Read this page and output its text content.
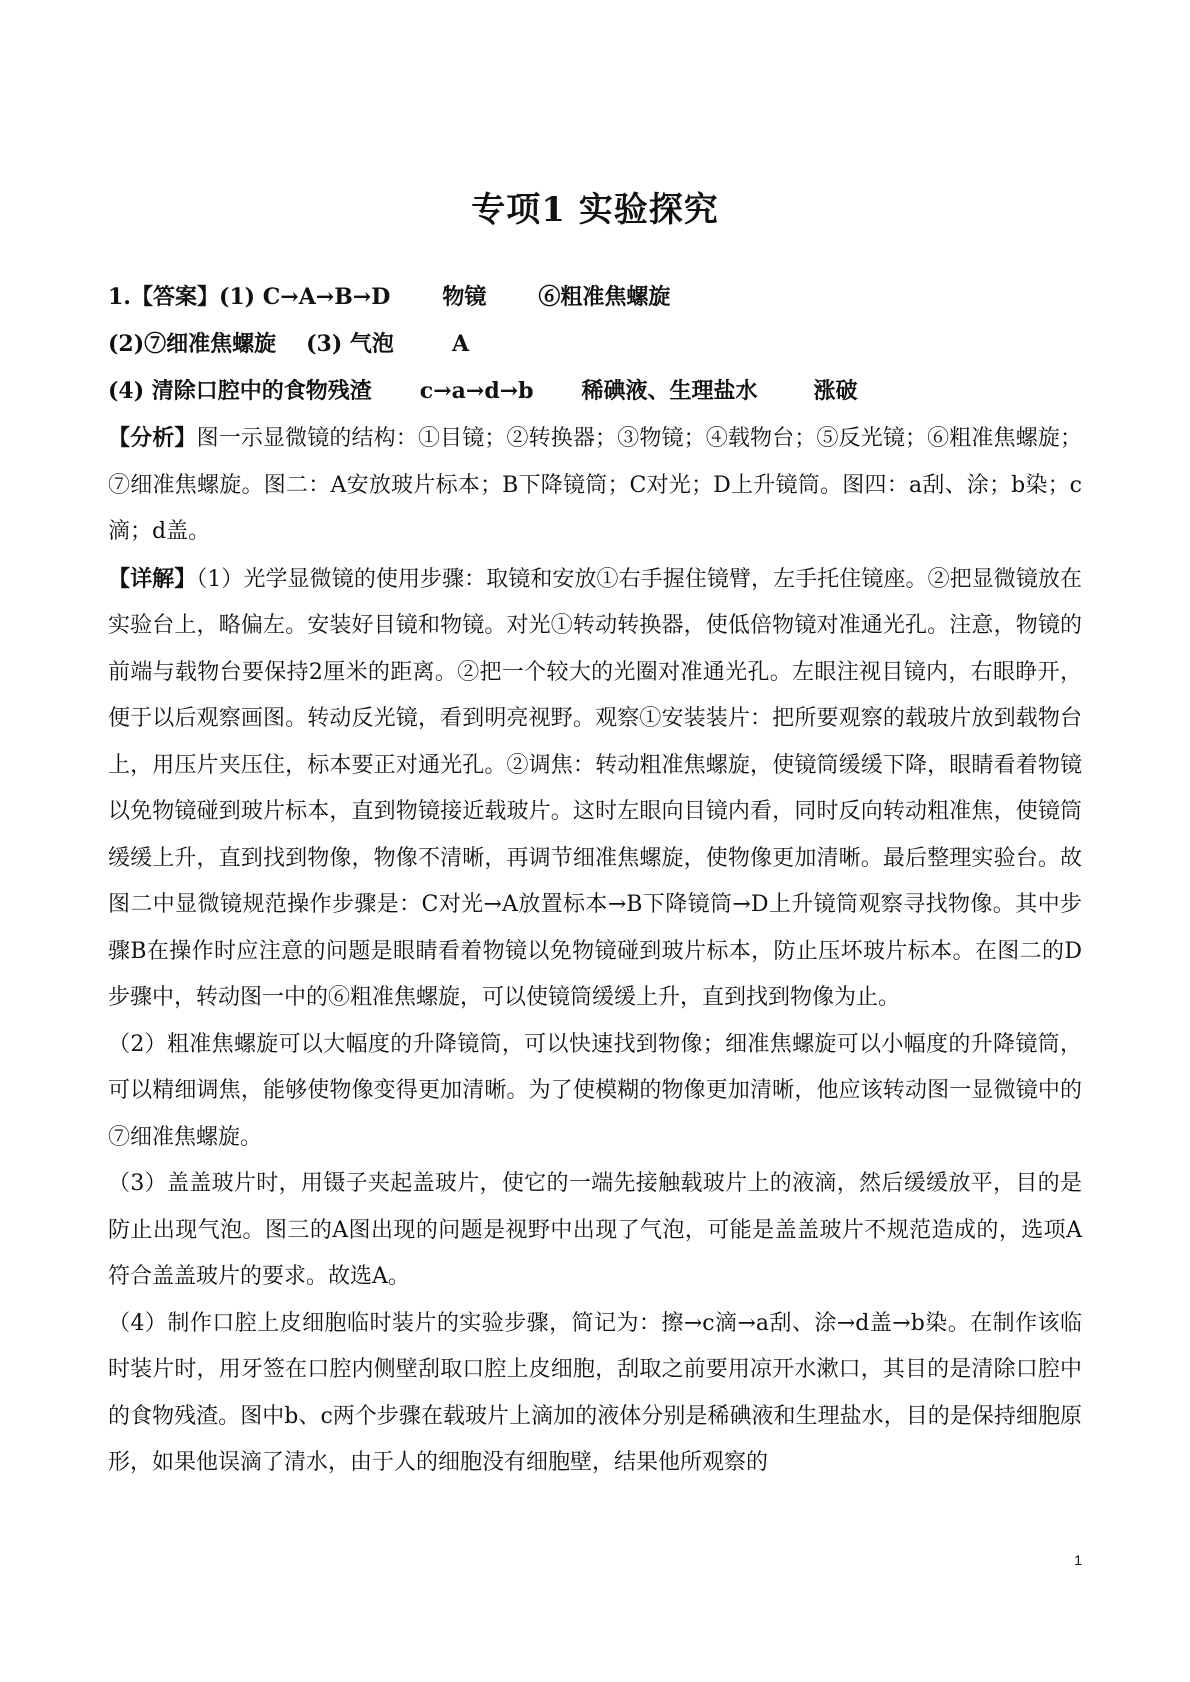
专项1 实验探究
1.【答案】(1) C→A→B→D 物镜 ⑥粗准焦螺旋
(2)⑦细准焦螺旋 (3) 气泡	A
(4) 清除口腔中的食物残渣 c→a→d→b 稀碘液、生理盐水	涨破

【分析】图一示显微镜的结构：①目镜；②转换器；③物镜；④载物台；⑤反光镜；⑥粗准焦螺旋；⑦细准焦螺旋。图二：A安放玻片标本；B下降镜筒；C对光；D上升镜筒。图四：a刮、涂；b染；c滴；d盖。

【详解】（1）光学显微镜的使用步骤：取镜和安放①右手握住镜臂，左手托住镜座。②把显微镜放在实验台上，略偏左。安装好目镜和物镜。对光①转动转换器，使低倍物镜对准通光孔。注意，物镜的前端与载物台要保持2厘米的距离。②把一个较大的光圈对准通光孔。左眼注视目镜内，右眼睁开，便于以后观察画图。转动反光镜，看到明亮视野。观察①安装装片：把所要观察的载玻片放到载物台上，用压片夹压住，标本要正对通光孔。②调焦：转动粗准焦螺旋，使镜筒缓缓下降，眼睛看着物镜以免物镜碰到玻片标本，直到物镜接近载玻片。这时左眼向目镜内看，同时反向转动粗准焦，使镜筒缓缓上升，直到找到物像，物像不清晰，再调节细准焦螺旋，使物像更加清晰。最后整理实验台。故图二中显微镜规范操作步骤是：C对光→A放置标本→B下降镜筒→D上升镜筒观察寻找物像。其中步骤B在操作时应注意的问题是眼睛看着物镜以免物镜碰到玻片标本，防止压坏玻片标本。在图二的D步骤中，转动图一中的⑥粗准焦螺旋，可以使镜筒缓缓上升，直到找到物像为止。

（2）粗准焦螺旋可以大幅度的升降镜筒，可以快速找到物像；细准焦螺旋可以小幅度的升降镜筒，可以精细调焦，能够使物像变得更加清晰。为了使模糊的物像更加清晰，他应该转动图一显微镜中的⑦细准焦螺旋。

（3）盖盖玻片时，用镊子夹起盖玻片，使它的一端先接触载玻片上的液滴，然后缓缓放平，目的是防止出现气泡。图三的A图出现的问题是视野中出现了气泡，可能是盖盖玻片不规范造成的，选项A符合盖盖玻片的要求。故选A。

（4）制作口腔上皮细胞临时装片的实验步骤，简记为：擦→c滴→a刮、涂→d盖→b染。在制作该临时装片时，用牙签在口腔内侧壁刮取口腔上皮细胞，刮取之前要用凉开水漱口，其目的是清除口腔中的食物残渣。图中b、c两个步骤在载玻片上滴加的液体分别是稀碘液和生理盐水，目的是保持细胞原形，如果他误滴了清水，由于人的细胞没有细胞壁，结果他所观察的

1
